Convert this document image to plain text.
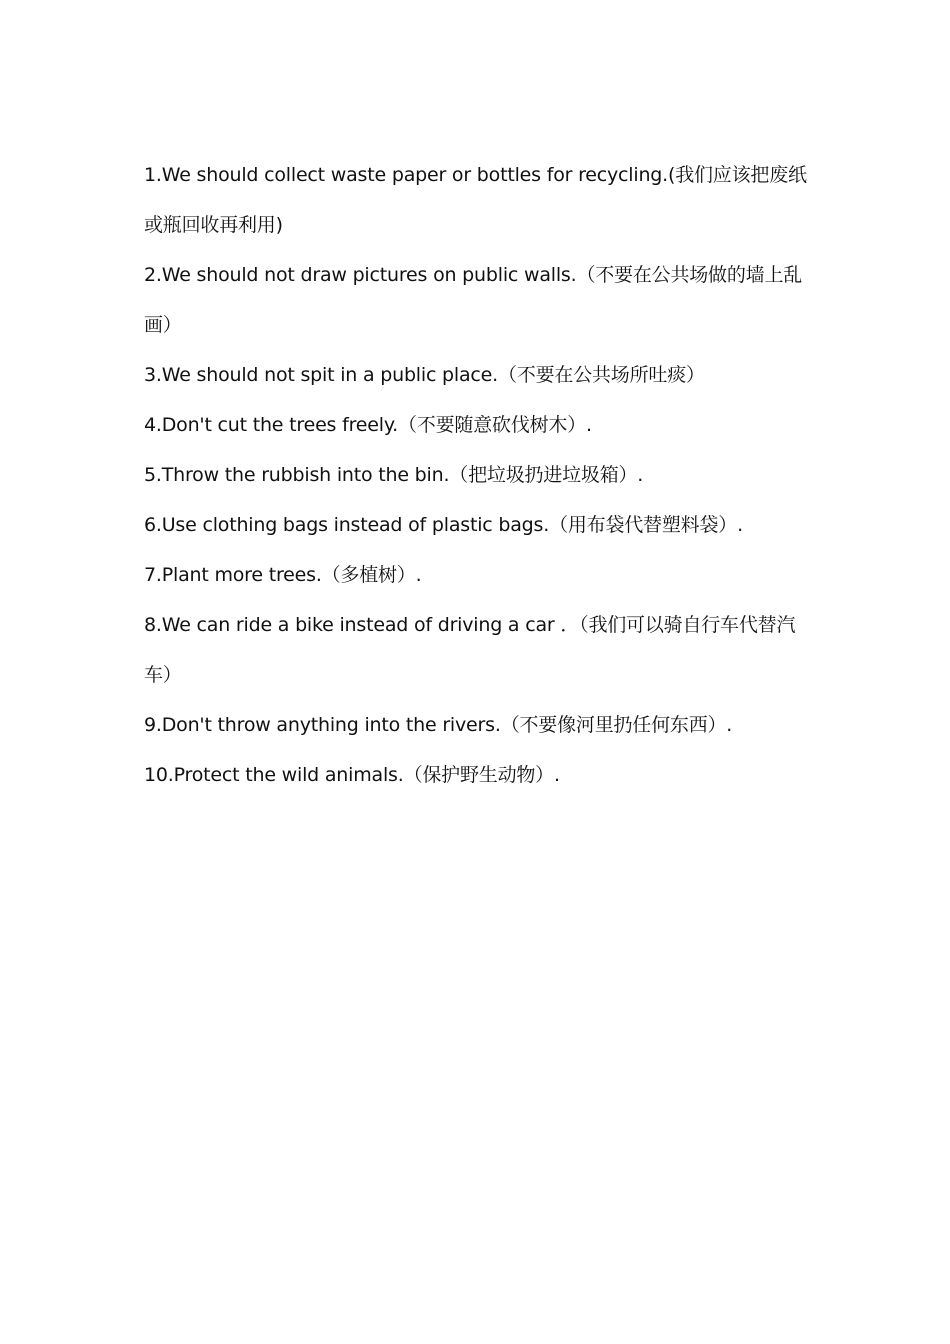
1.We should collect waste paper or bottles for recycling.(我们应该把废纸或瓶回收再利用)

2.We should not draw pictures on public walls.（不要在公共场做的墙上乱画）

3.We should not spit in a public place.（不要在公共场所吐痰）

4.Don't cut the trees freely.（不要随意砍伐树木）.

5.Throw the rubbish into the bin.（把垃圾扔进垃圾箱）.

6.Use clothing bags instead of plastic bags.（用布袋代替塑料袋）.

7.Plant more trees.（多植树）.

8.We can ride a bike instead of driving a car ．（我们可以骑自行车代替汽车）

9.Don't throw anything into the rivers.（不要像河里扔任何东西）.

10.Protect the wild animals.（保护野生动物）.
